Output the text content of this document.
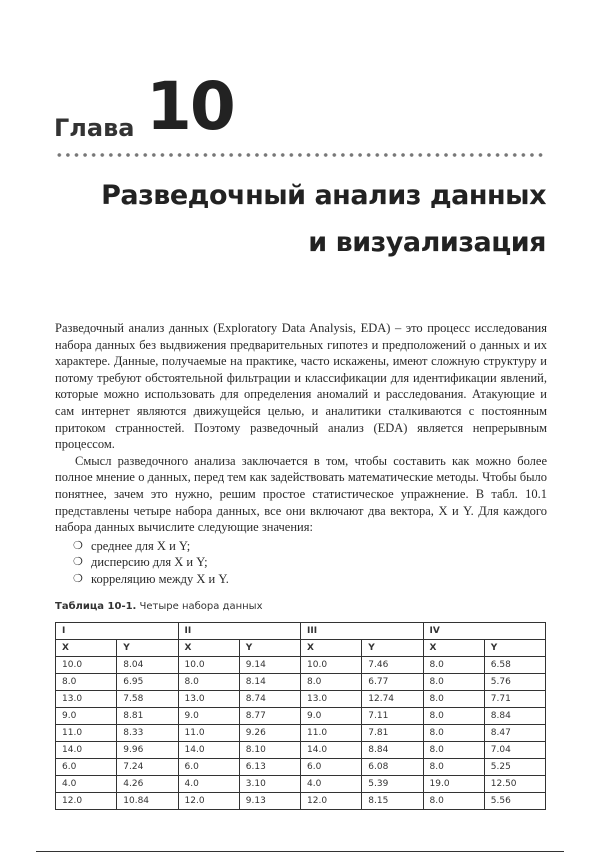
Глава 10
Разведочный анализ данных
и визуализация

Разведочный анализ данных (Exploratory Data Analysis, EDA) – это процесс исследования набора данных без выдвижения предварительных гипотез и предположений о данных и их характере. Данные, получаемые на практике, часто искажены, имеют сложную структуру и потому требуют обстоятельной фильтрации и классификации для идентификации явлений, которые можно использовать для определения аномалий и расследования. Атакующие и сам интернет являются движущейся целью, и аналитики сталкиваются с постоянным притоком странностей. Поэтому разведочный анализ (EDA) является непрерывным процессом.

Смысл разведочного анализа заключается в том, чтобы составить как можно более полное мнение о данных, перед тем как задействовать математические методы. Чтобы было понятнее, зачем это нужно, решим простое статистическое упражнение. В табл. 10.1 представлены четыре набора данных, все они включают два вектора, X и Y. Для каждого набора данных вычислите следующие значения:

❍ среднее для X и Y;
❍ дисперсию для X и Y;
❍ корреляцию между X и Y.
Таблица 10-1. Четыре набора данных
I		II		III		IV	
X	Y	X	Y	X	Y	X	Y
10.0	8.04	10.0	9.14	10.0	7.46	8.0	6.58
8.0	6.95	8.0	8.14	8.0	6.77	8.0	5.76
13.0	7.58	13.0	8.74	13.0	12.74	8.0	7.71
9.0	8.81	9.0	8.77	9.0	7.11	8.0	8.84
11.0	8.33	11.0	9.26	11.0	7.81	8.0	8.47
14.0	9.96	14.0	8.10	14.0	8.84	8.0	7.04
6.0	7.24	6.0	6.13	6.0	6.08	8.0	5.25
4.0	4.26	4.0	3.10	4.0	5.39	19.0	12.50
12.0	10.84	12.0	9.13	12.0	8.15	8.0	5.56
